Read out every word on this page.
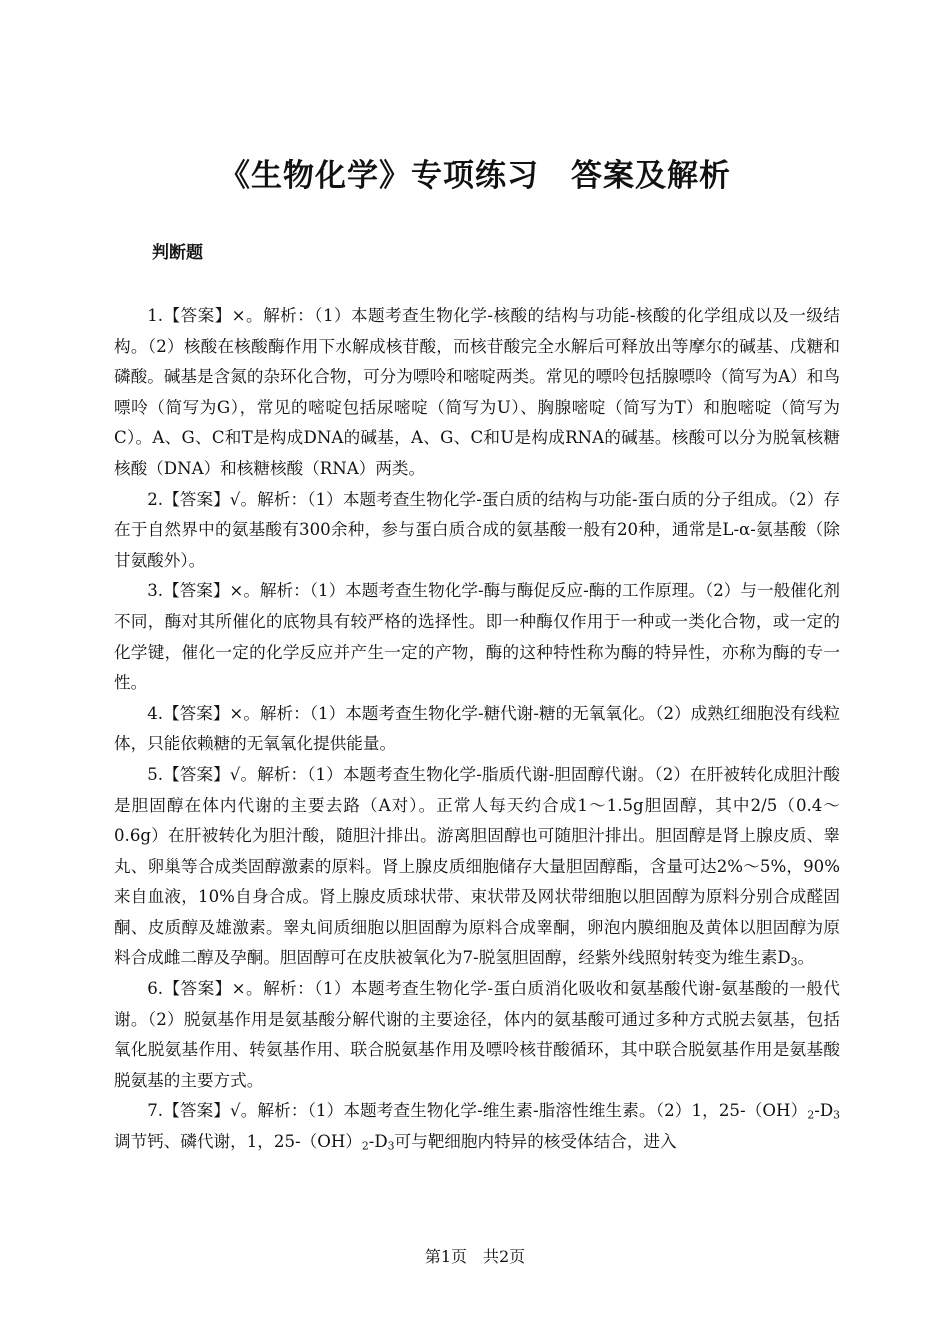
《生物化学》专项练习　答案及解析
判断题

1.【答案】×。解析：（1）本题考查生物化学-核酸的结构与功能-核酸的化学组成以及一级结构。（2）核酸在核酸酶作用下水解成核苷酸，而核苷酸完全水解后可释放出等摩尔的碱基、戊糖和磷酸。碱基是含氮的杂环化合物，可分为嘌呤和嘧啶两类。常见的嘌呤包括腺嘌呤（简写为A）和鸟嘌呤（简写为G），常见的嘧啶包括尿嘧啶（简写为U）、胸腺嘧啶（简写为T）和胞嘧啶（简写为C）。A、G、C和T是构成DNA的碱基，A、G、C和U是构成RNA的碱基。核酸可以分为脱氧核糖核酸（DNA）和核糖核酸（RNA）两类。

2.【答案】√。解析：（1）本题考查生物化学-蛋白质的结构与功能-蛋白质的分子组成。（2）存在于自然界中的氨基酸有300余种，参与蛋白质合成的氨基酸一般有20种，通常是L-α-氨基酸（除甘氨酸外）。

3.【答案】×。解析：（1）本题考查生物化学-酶与酶促反应-酶的工作原理。（2）与一般催化剂不同，酶对其所催化的底物具有较严格的选择性。即一种酶仅作用于一种或一类化合物，或一定的化学键，催化一定的化学反应并产生一定的产物，酶的这种特性称为酶的特异性，亦称为酶的专一性。

4.【答案】×。解析：（1）本题考查生物化学-糖代谢-糖的无氧氧化。（2）成熟红细胞没有线粒体，只能依赖糖的无氧氧化提供能量。

5.【答案】√。解析：（1）本题考查生物化学-脂质代谢-胆固醇代谢。（2）在肝被转化成胆汁酸是胆固醇在体内代谢的主要去路（A对）。正常人每天约合成1～1.5g胆固醇，其中2/5（0.4～0.6g）在肝被转化为胆汁酸，随胆汁排出。游离胆固醇也可随胆汁排出。胆固醇是肾上腺皮质、睾丸、卵巢等合成类固醇激素的原料。肾上腺皮质细胞储存大量胆固醇酯，含量可达2%～5%，90%来自血液，10%自身合成。肾上腺皮质球状带、束状带及网状带细胞以胆固醇为原料分别合成醛固酮、皮质醇及雄激素。睾丸间质细胞以胆固醇为原料合成睾酮，卵泡内膜细胞及黄体以胆固醇为原料合成雌二醇及孕酮。胆固醇可在皮肤被氧化为7-脱氢胆固醇，经紫外线照射转变为维生素$D_3$。

6.【答案】×。解析：（1）本题考查生物化学-蛋白质消化吸收和氨基酸代谢-氨基酸的一般代谢。（2）脱氨基作用是氨基酸分解代谢的主要途径，体内的氨基酸可通过多种方式脱去氨基，包括氧化脱氨基作用、转氨基作用、联合脱氨基作用及嘌呤核苷酸循环，其中联合脱氨基作用是氨基酸脱氨基的主要方式。

7.【答案】√。解析：（1）本题考查生物化学-维生素-脂溶性维生素。（2）1，$25-(OH)_2-D_3$调节钙、磷代谢，1，$25-(OH)_2-D_3$可与靶细胞内特异的核受体结合，进入

第1页　共2页
